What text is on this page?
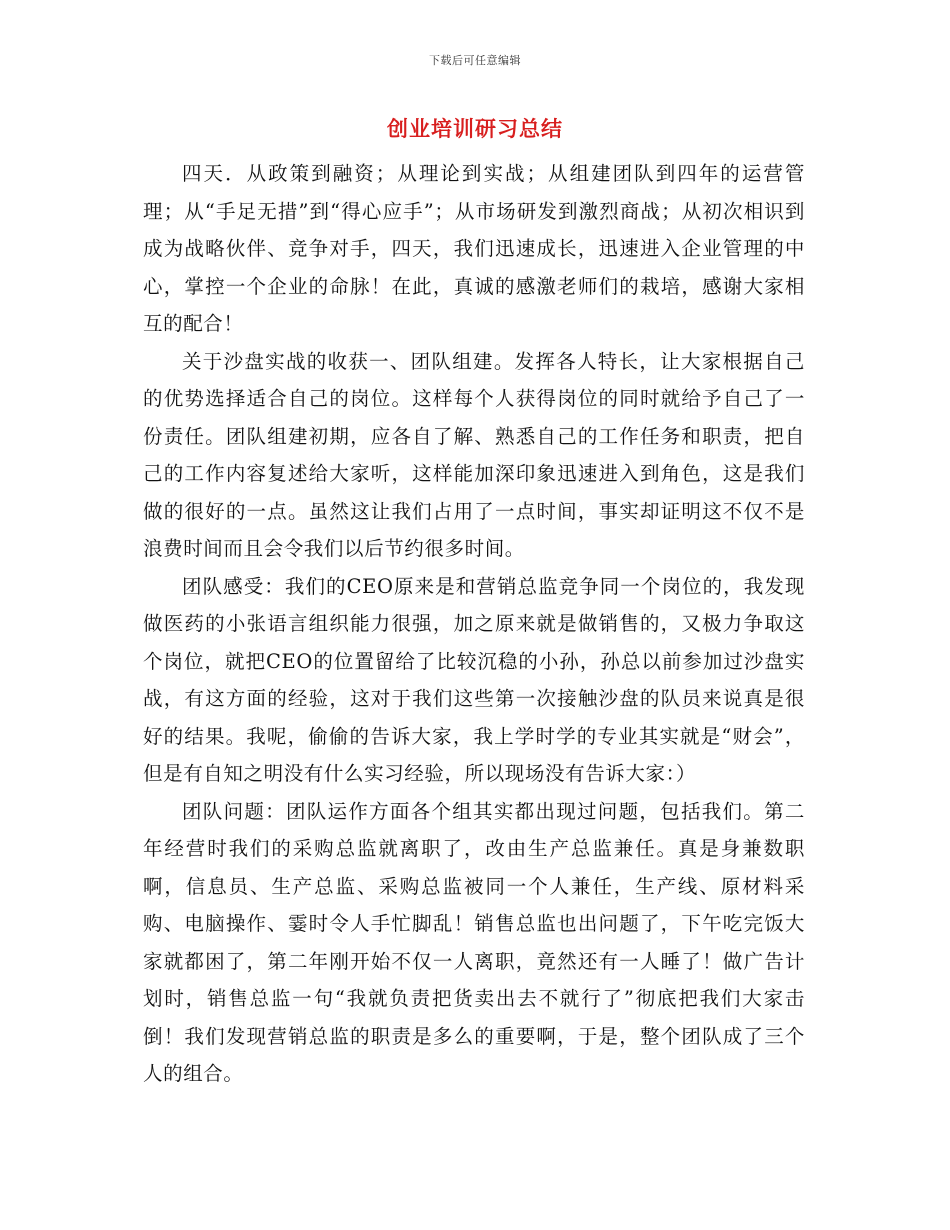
下载后可任意编辑
创业培训研习总结

四天．从政策到融资；从理论到实战；从组建团队到四年的运营管理；从“手足无措”到“得心应手”；从市场研发到激烈商战；从初次相识到成为战略伙伴、竞争对手，四天，我们迅速成长，迅速进入企业管理的中心，掌控一个企业的命脉！在此，真诚的感激老师们的栽培，感谢大家相互的配合！

关于沙盘实战的收获一、团队组建。发挥各人特长，让大家根据自己的优势选择适合自己的岗位。这样每个人获得岗位的同时就给予自己了一份责任。团队组建初期，应各自了解、熟悉自己的工作任务和职责，把自己的工作内容复述给大家听，这样能加深印象迅速进入到角色，这是我们做的很好的一点。虽然这让我们占用了一点时间，事实却证明这不仅不是浪费时间而且会令我们以后节约很多时间。

团队感受：我们的CEO原来是和营销总监竞争同一个岗位的，我发现做医药的小张语言组织能力很强，加之原来就是做销售的，又极力争取这个岗位，就把CEO的位置留给了比较沉稳的小孙，孙总以前参加过沙盘实战，有这方面的经验，这对于我们这些第一次接触沙盘的队员来说真是很好的结果。我呢，偷偷的告诉大家，我上学时学的专业其实就是“财会”，但是有自知之明没有什么实习经验，所以现场没有告诉大家：）

团队问题：团队运作方面各个组其实都出现过问题，包括我们。第二年经营时我们的采购总监就离职了，改由生产总监兼任。真是身兼数职啊，信息员、生产总监、采购总监被同一个人兼任，生产线、原材料采购、电脑操作、霎时令人手忙脚乱！销售总监也出问题了，下午吃完饭大家就都困了，第二年刚开始不仅一人离职，竟然还有一人睡了！做广告计划时，销售总监一句“我就负责把货卖出去不就行了”彻底把我们大家击倒！我们发现营销总监的职责是多么的重要啊，于是，整个团队成了三个人的组合。
